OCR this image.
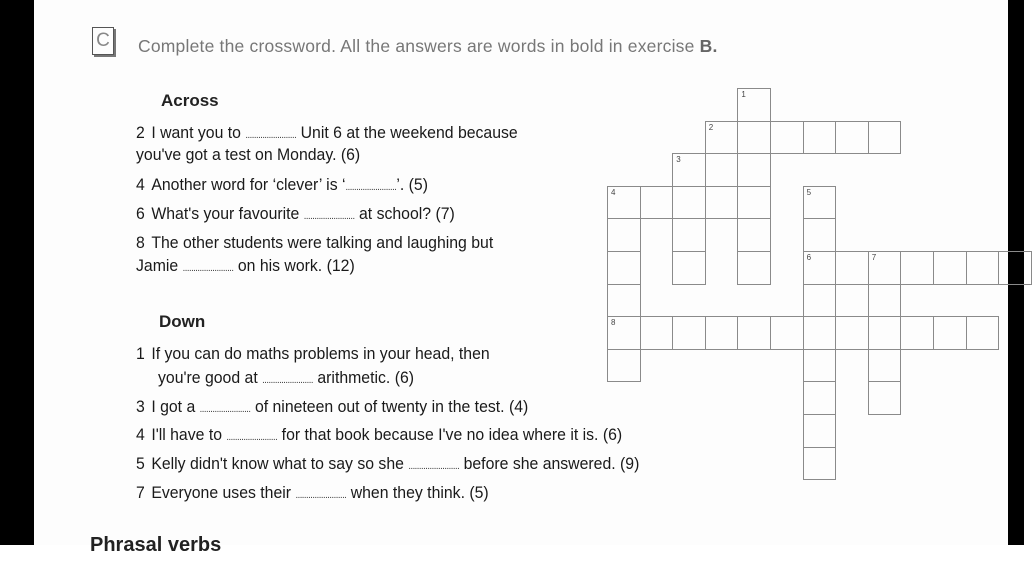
C Complete the crossword. All the answers are words in bold in exercise B.
Across
2 I want you to ........................ Unit 6 at the weekend because
you've got a test on Monday. (6)
4 Another word for ‘clever’ is ‘........................’. (5)
6 What's your favourite ........................ at school? (7)
8 The other students were talking and laughing but
Jamie ........................ on his work. (12)
Down
1 If you can do maths problems in your head, then
you're good at ........................ arithmetic. (6)
3 I got a ........................ of nineteen out of twenty in the test. (4)
4 I'll have to ........................ for that book because I've no idea where it is. (6)
5 Kelly didn't know what to say so she ........................ before she answered. (9)
7 Everyone uses their ........................ when they think. (5)
1
2
3
4
8
5
6	7
Phrasal verbs
